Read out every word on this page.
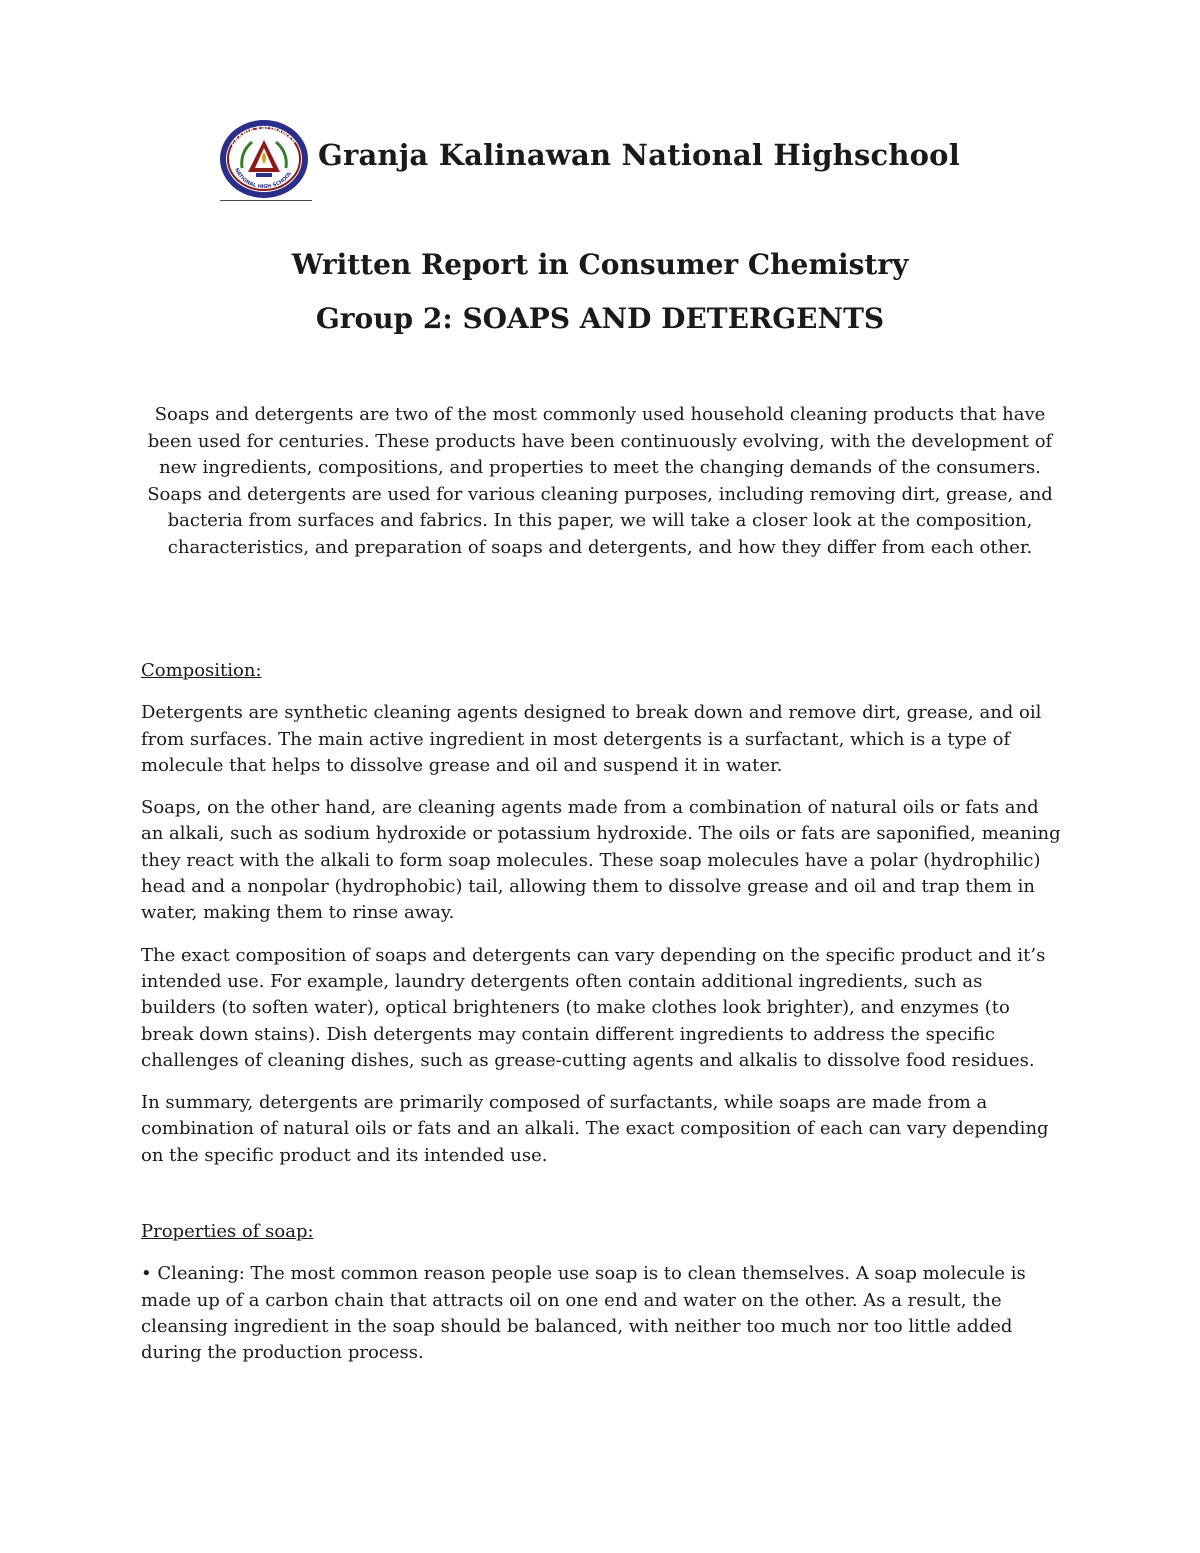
GRANJA KALINAWAN
NATIONAL HIGH SCHOOL
Granja Kalinawan National Highschool
Written Report in Consumer Chemistry
Group 2: SOAPS AND DETERGENTS
Soaps and detergents are two of the most commonly used household cleaning products that have been used for centuries. These products have been continuously evolving, with the development of new ingredients, compositions, and properties to meet the changing demands of the consumers. Soaps and detergents are used for various cleaning purposes, including removing dirt, grease, and bacteria from surfaces and fabrics. In this paper, we will take a closer look at the composition, characteristics, and preparation of soaps and detergents, and how they differ from each other.

Composition:

Detergents are synthetic cleaning agents designed to break down and remove dirt, grease, and oil from surfaces. The main active ingredient in most detergents is a surfactant, which is a type of molecule that helps to dissolve grease and oil and suspend it in water.

Soaps, on the other hand, are cleaning agents made from a combination of natural oils or fats and an alkali, such as sodium hydroxide or potassium hydroxide. The oils or fats are saponified, meaning they react with the alkali to form soap molecules. These soap molecules have a polar (hydrophilic) head and a nonpolar (hydrophobic) tail, allowing them to dissolve grease and oil and trap them in water, making them to rinse away.

The exact composition of soaps and detergents can vary depending on the specific product and it’s intended use. For example, laundry detergents often contain additional ingredients, such as builders (to soften water), optical brighteners (to make clothes look brighter), and enzymes (to break down stains). Dish detergents may contain different ingredients to address the specific challenges of cleaning dishes, such as grease-cutting agents and alkalis to dissolve food residues.

In summary, detergents are primarily composed of surfactants, while soaps are made from a combination of natural oils or fats and an alkali. The exact composition of each can vary depending on the specific product and its intended use.

Properties of soap:

• Cleaning: The most common reason people use soap is to clean themselves. A soap molecule is made up of a carbon chain that attracts oil on one end and water on the other. As a result, the cleansing ingredient in the soap should be balanced, with neither too much nor too little added during the production process.
